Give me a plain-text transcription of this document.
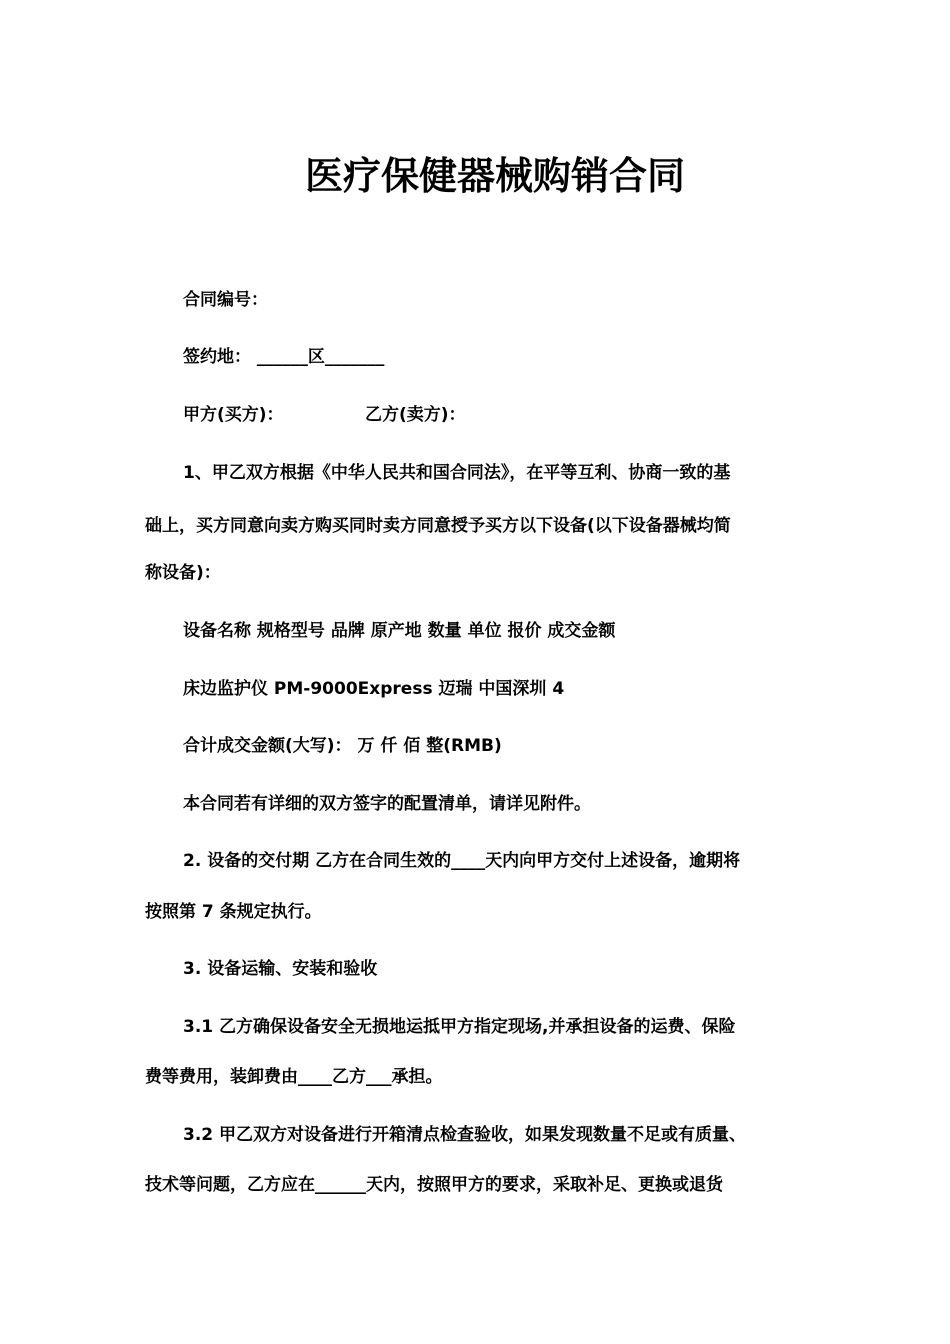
医疗保健器械购销合同
合同编号：
签约地： ______区_______
甲方(买方)：	乙方(卖方)：
1、甲乙双方根据《中华人民共和国合同法》，在平等互利、协商一致的基
础上，买方同意向卖方购买同时卖方同意授予买方以下设备(以下设备器械均简
称设备)：
设备名称 规格型号 品牌 原产地 数量 单位 报价 成交金额
床边监护仪 PM-9000Express 迈瑞 中国深圳 4
合计成交金额(大写)： 万 仟 佰 整(RMB)
本合同若有详细的双方签字的配置清单，请详见附件。
2. 设备的交付期 乙方在合同生效的____天内向甲方交付上述设备，逾期将
按照第 7 条规定执行。
3. 设备运输、安装和验收
3.1 乙方确保设备安全无损地运抵甲方指定现场,并承担设备的运费、保险
费等费用，装卸费由____乙方___承担。
3.2 甲乙双方对设备进行开箱清点检查验收，如果发现数量不足或有质量、
技术等问题，乙方应在______天内，按照甲方的要求，采取补足、更换或退货
